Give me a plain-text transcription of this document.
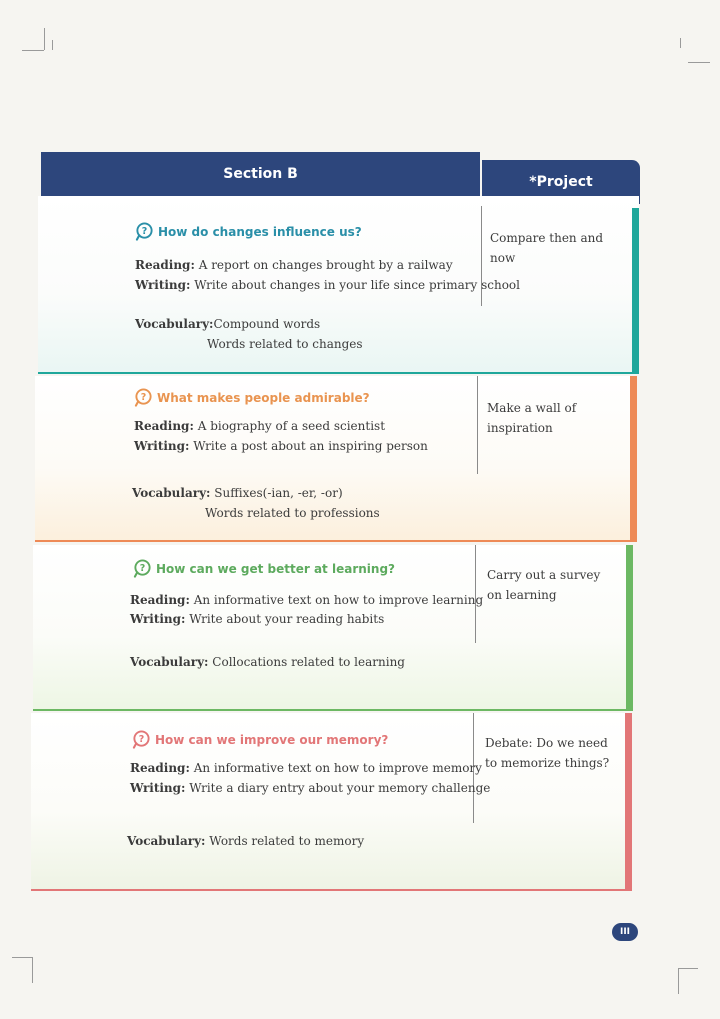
Section B	*Project
? How do changes influence us?
Reading: A report on changes brought by a railway
Writing: Write about changes in your life since primary school
Vocabulary:Compound words
Words related to changes
Compare then and now
? What makes people admirable?
Reading: A biography of a seed scientist
Writing: Write a post about an inspiring person
Vocabulary: Suffixes(-ian, -er, -or)
Words related to professions
Make a wall of inspiration
? How can we get better at learning?
Reading: An informative text on how to improve learning
Writing: Write about your reading habits
Vocabulary: Collocations related to learning
Carry out a survey on learning
? How can we improve our memory?
Reading: An informative text on how to improve memory
Writing: Write a diary entry about your memory challenge
Vocabulary: Words related to memory
Debate: Do we need to memorize things?
III
